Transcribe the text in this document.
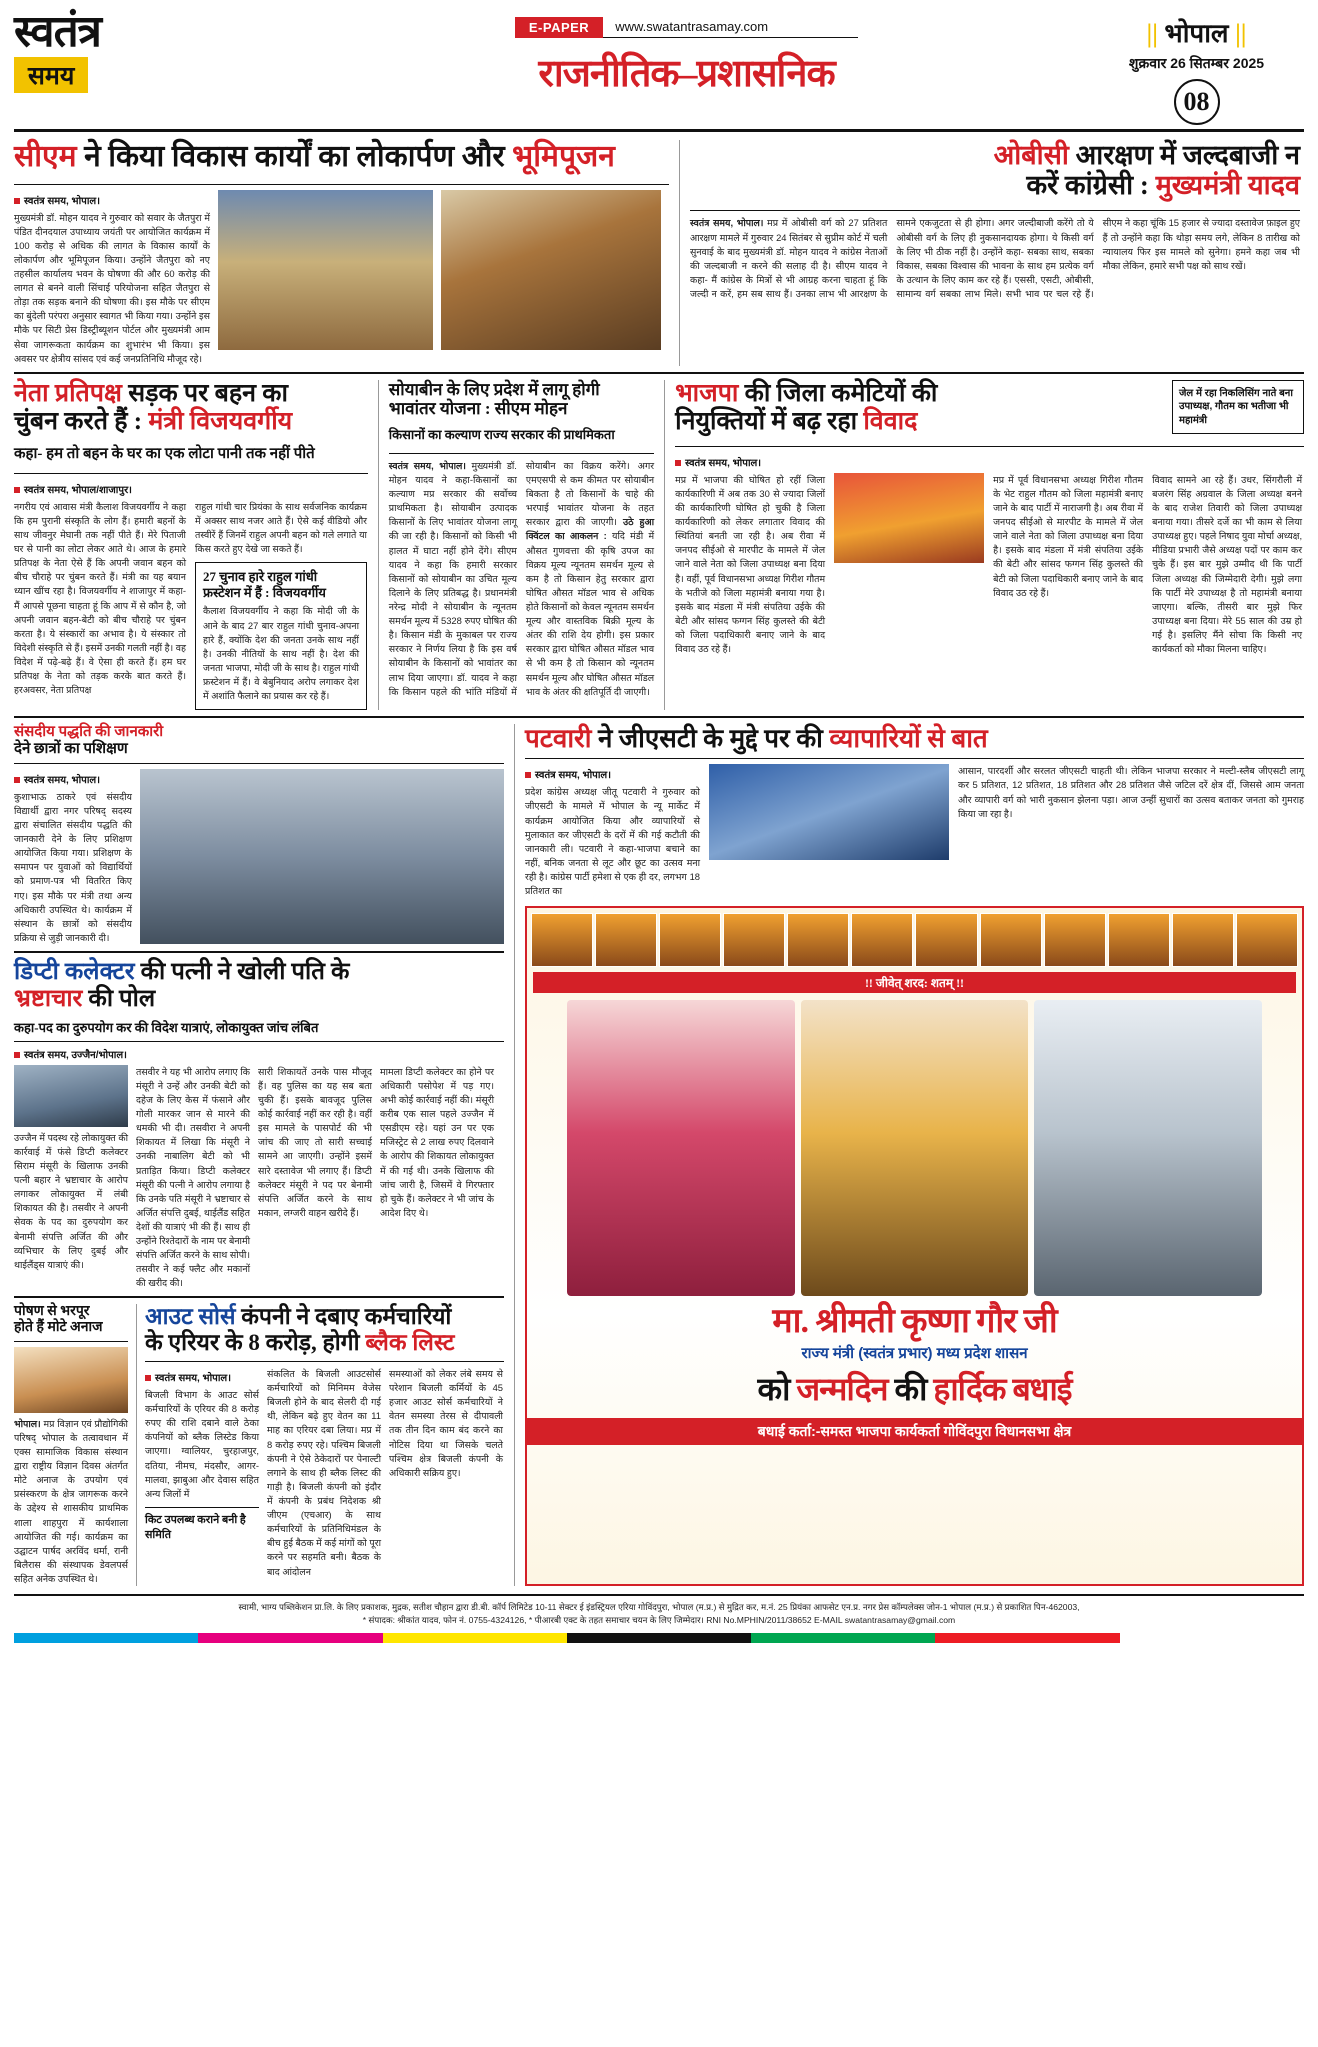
स्वतंत्र
समय
E-PAPER	www.swatantrasamay.com
राजनीतिक–प्रशासनिक
|| भोपाल ||
शुक्रवार 26 सितम्बर 2025
08
सीएम ने किया विकास कार्यों का लोकार्पण और भूमिपूजन
स्वतंत्र समय, भोपाल।
मुख्यमंत्री डॉ. मोहन यादव ने गुरुवार को सवार के जैतपुरा में पंडित दीनदयाल उपाध्याय जयंती पर आयोजित कार्यक्रम में 100 करोड़ से अधिक की लागत के विकास कार्यों के लोकार्पण और भूमिपूजन किया। उन्होंने जैतपुरा को नए तहसील कार्यालय भवन के घोषणा की और 60 करोड़ की लागत से बनने वाली सिंचाई परियोजना सहित जैतपुरा से तोड़ा तक सड़क बनाने की घोषणा की। इस मौके पर सीएम का बुंदेली परंपरा अनुसार स्वागत भी किया गया। उन्होंने इस मौके पर सिटी प्रेस डिस्ट्रीब्यूशन पोर्टल और मुख्यमंत्री आम सेवा जागरूकता कार्यक्रम का शुभारंभ भी किया। इस अवसर पर क्षेत्रीय सांसद एवं कई जनप्रतिनिधि मौजूद रहे।
ओबीसी आरक्षण में जल्दबाजी न
करें कांग्रेसी : मुख्यमंत्री यादव
स्वतंत्र समय, भोपाल। मप्र में ओबीसी वर्ग को 27 प्रतिशत आरक्षण मामले में गुरुवार 24 सितंबर से सुप्रीम कोर्ट में चली सुनवाई के बाद मुख्यमंत्री डॉ. मोहन यादव ने कांग्रेस नेताओं की जल्दबाजी न करने की सलाह दी है। सीएम यादव ने कहा- मैं कांग्रेस के मित्रों से भी आग्रह करना चाहता हूं कि जल्दी न करें, हम सब साथ हैं। उनका लाभ भी आरक्षण के सामने एकजुटता से ही होगा। अगर जल्दीबाजी करेंगे तो ये ओबीसी वर्ग के लिए ही नुकसानदायक होगा। ये किसी वर्ग के लिए भी ठीक नहीं है। उन्होंने कहा- सबका साथ, सबका विकास, सबका विश्वास की भावना के साथ हम प्रत्येक वर्ग के उत्थान के लिए काम कर रहे हैं। एससी, एसटी, ओबीसी, सामान्य वर्ग सबका लाभ मिले। सभी भाव पर चल रहे हैं। सीएम ने कहा चूंकि 15 हजार से ज्यादा दस्तावेज फ़ाइल हुए हैं तो उन्होंने कहा कि थोड़ा समय लगे, लेकिन 8 तारीख को न्यायालय फिर इस मामले को सुनेगा। हमने कहा जब भी मौका लेकिन, हमारे सभी पक्ष को साथ रखें।
नेता प्रतिपक्ष सड़क पर बहन का
चुंबन करते हैं : मंत्री विजयवर्गीय
कहा- हम तो बहन के घर का एक लोटा पानी तक नहीं पीते
स्वतंत्र समय, भोपाल/शाजापुर।
नगरीय एवं आवास मंत्री कैलाश विजयवर्गीय ने कहा कि हम पुरानी संस्कृति के लोग हैं। हमारी बहनों के साथ जीवनुर मेघानी तक नहीं पीते हैं। मेरे पिताजी घर से पानी का लोटा लेकर आते थे। आज के हमारे प्रतिपक्ष के नेता ऐसे हैं कि अपनी जवान बहन को बीच चौराहे पर चुंबन करते हैं। मंत्री का यह बयान ध्यान खींच रहा है। विजयवर्गीय ने शाजापुर में कहा-मैं आपसे पूछना चाहता हूं कि आप में से कौन है, जो अपनी जवान बहन-बेटी को बीच चौराहे पर चुंबन करता है। ये संस्कारों का अभाव है। ये संस्कार तो विदेशी संस्कृति से हैं। इसमें उनकी गलती नहीं है। वह विदेश में पढ़े-बढ़े हैं। वे ऐसा ही करते हैं। हम घर प्रतिपक्ष के नेता को तड़क करके बात करते हैं। हरअवसर, नेता प्रतिपक्ष
राहुल गांधी चार प्रियंका के साथ सर्वजनिक कार्यक्रम में अक्सर साथ नजर आते हैं। ऐसे कई वीडियो और तस्वीरें हैं जिनमें राहुल अपनी बहन को गले लगाते या किस करते हुए देखे जा सकते हैं।
27 चुनाव हारे राहुल गांधी
फ्रस्टेशन में हैं : विजयवर्गीय
कैलाश विजयवर्गीय ने कहा कि मोदी जी के आने के बाद 27 बार राहुल गांधी चुनाव-अपना हारे हैं, क्योंकि देश की जनता उनके साथ नहीं है। उनकी नीतियों के साथ नहीं है। देश की जनता भाजपा, मोदी जी के साथ है। राहुल गांधी फ्रस्टेशन में हैं। वे बेबुनियाद अरोप लगाकर देश में अशांति फैलाने का प्रयास कर रहे हैं।
सोयाबीन के लिए प्रदेश में लागू होगी
भावांतर योजना : सीएम मोहन
किसानों का कल्याण राज्य सरकार की प्राथमिकता
स्वतंत्र समय, भोपाल। मुख्यमंत्री डॉ. मोहन यादव ने कहा-किसानों का कल्याण मप्र सरकार की सर्वोच्च प्राथमिकता है। सोयाबीन उत्पादक किसानों के लिए भावांतर योजना लागू की जा रही है। किसानों को किसी भी हालत में घाटा नहीं होने देंगे। सीएम यादव ने कहा कि हमारी सरकार किसानों को सोयाबीन का उचित मूल्य दिलाने के लिए प्रतिबद्ध है। प्रधानमंत्री नरेन्द्र मोदी ने सोयाबीन के न्यूनतम समर्थन मूल्य में 5328 रुपए घोषित की है। किसान मंडी के मुकाबल पर राज्य सरकार ने निर्णय लिया है कि इस वर्ष सोयाबीन के किसानों को भावांतर का लाभ दिया जाएगा। डॉ. यादव ने कहा कि किसान पहले की भांति मंडियों में सोयाबीन का विक्रय करेंगे। अगर एमएसपी से कम कीमत पर सोयाबीन बिकता है तो किसानों के चाहे की भरपाई भावांतर योजना के तहत सरकार द्वारा की जाएगी। उठे हुआ क्विंटल का आकलन : यदि मंडी में औसत गुणवत्ता की कृषि उपज का विक्रय मूल्य न्यूनतम समर्थन मूल्य से कम है तो किसान हेतु सरकार द्वारा घोषित औसत मॉडल भाव से अधिक होते किसानों को केवल न्यूनतम समर्थन मूल्य और वास्तविक बिक्री मूल्य के अंतर की राशि देय होगी। इस प्रकार सरकार द्वारा घोषित औसत मॉडल भाव से भी कम है तो किसान को न्यूनतम समर्थन मूल्य और घोषित औसत मॉडल भाव के अंतर की क्षतिपूर्ति दी जाएगी।
भाजपा की जिला कमेटियों की
नियुक्तियों में बढ़ रहा विवाद
जेल में रहा निकलिसिंग नाते बना उपाध्यक्ष, गौतम का भतीजा भी महामंत्री
स्वतंत्र समय, भोपाल।
मप्र में भाजपा की घोषित हो रहीं जिला कार्यकारिणी में अब तक 30 से ज्यादा जिलों की कार्यकारिणी घोषित हो चुकी है जिला कार्यकारिणी को लेकर लगातार विवाद की स्थितियां बनती जा रही है। अब रीवा में जनपद सीईओ से मारपीट के मामले में जेल जाने वाले नेता को जिला उपाध्यक्ष बना दिया है। वहीं, पूर्व विधानसभा अध्यक्ष गिरीश गौतम के भतीजे को जिला महामंत्री बनाया गया है। इसके बाद मंडला में मंत्री संपतिया उईके की बेटी और सांसद फग्गन सिंह कुलस्ते की बेटी को जिला पदाधिकारी बनाए जाने के बाद विवाद उठ रहे हैं।
मप्र में पूर्व विधानसभा अध्यक्ष गिरीश गौतम के भेट राहुल गौतम को जिला महामंत्री बनाए जाने के बाद पार्टी में नाराजगी है। अब रीवा में जनपद सीईओ से मारपीट के मामले में जेल जाने वाले नेता को जिला उपाध्यक्ष बना दिया है। इसके बाद मंडला में मंत्री संपतिया उईके की बेटी और सांसद फग्गन सिंह कुलस्ते की बेटी को जिला पदाधिकारी बनाए जाने के बाद विवाद उठ रहे हैं।
विवाद सामने आ रहे हैं। उधर, सिंगरौली में बजरंग सिंह अग्रवाल के जिला अध्यक्ष बनने के बाद राजेश तिवारी को जिला उपाध्यक्ष बनाया गया। तीसरे दर्जे का भी काम से लिया उपाध्यक्ष हुए। पहले निषाद युवा मोर्चा अध्यक्ष, मीडिया प्रभारी जैसे अध्यक्ष पदों पर काम कर चुके हैं। इस बार मुझे उम्मीद थी कि पार्टी जिला अध्यक्ष की जिम्मेदारी देगी। मुझे लगा कि पार्टी मेरे उपाध्यक्ष है तो महामंत्री बनाया जाएगा। बल्कि, तीसरी बार मुझे फिर उपाध्यक्ष बना दिया। मेरे 55 साल की उम्र हो गई है। इसलिए मैंने सोचा कि किसी नए कार्यकर्ता को मौका मिलना चाहिए।
संसदीय पद्धति की जानकारी
देने छात्रों का पशिक्षण
स्वतंत्र समय, भोपाल।
कुशाभाऊ ठाकरे एवं संसदीय विद्यार्थी द्वारा नगर परिषद् सदस्य द्वारा संचालित संसदीय पद्धति की जानकारी देने के लिए प्रशिक्षण आयोजित किया गया। प्रशिक्षण के समापन पर युवाओं को विद्यार्थियों को प्रमाण-पत्र भी वितरित किए गए। इस मौके पर मंत्री तथा अन्य अधिकारी उपस्थित थे। कार्यक्रम में संस्थान के छात्रों को संसदीय प्रक्रिया से जुड़ी जानकारी दी।
डिप्टी कलेक्टर की पत्नी ने खोली पति के
भ्रष्टाचार की पोल
कहा-पद का दुरुपयोग कर की विदेश यात्राएं, लोकायुक्त जांच लंबित
स्वतंत्र समय, उज्जैन/भोपाल।
उज्जैन में पदस्थ रहे लोकायुक्त की कार्रवाई में फंसे डिप्टी कलेक्टर सिराम मंसूरी के खिलाफ उनकी पत्नी बहार ने भ्रष्टाचार के आरोप लगाकर लोकायुक्त में लंबी शिकायत की है। तसवीर ने अपनी सेवक के पद का दुरुपयोग कर बेनामी संपत्ति अर्जित की और व्यभिचार के लिए दुबई और थाईलैंड्स यात्राएं की।
तसवीर ने यह भी आरोप लगाए कि मंसूरी ने उन्हें और उनकी बेटी को दहेज के लिए केस में फंसाने और गोली मारकर जान से मारने की धमकी भी दी। तसवीरा ने अपनी शिकायत में लिखा कि मंसूरी ने उनकी नाबालिग बेटी को भी प्रताड़ित किया। डिप्टी कलेक्टर मंसूरी की पत्नी ने आरोप लगाया है कि उनके पति मंसूरी ने भ्रष्टाचार से अर्जित संपत्ति दुबई, थाईलैंड सहित देशों की यात्राएं भी की हैं। साथ ही उन्होंने रिश्तेदारों के नाम पर बेनामी संपत्ति अर्जित करने के साथ सोपी। तसवीर ने कई फ्लैट और मकानों की खरीद की।
सारी शिकायतें उनके पास मौजूद हैं। वह पुलिस का यह सब बता चुकी हैं। इसके बावजूद पुलिस कोई कार्रवाई नहीं कर रही है। वहीं इस मामले के पासपोर्ट की भी जांच की जाए तो सारी सच्चाई सामने आ जाएगी। उन्होंने इसमें सारे दस्तावेज भी लगाए हैं। डिप्टी कलेक्टर मंसूरी ने पद पर बेनामी संपत्ति अर्जित करने के साथ मकान, लग्जरी वाहन खरीदे हैं।
मामला डिप्टी कलेक्टर का होने पर अधिकारी पसोपेश में पड़ गए। अभी कोई कार्रवाई नहीं की। मंसूरी करीब एक साल पहले उज्जैन में एसडीएम रहे। यहां उन पर एक मजिस्ट्रेट से 2 लाख रुपए दिलवाने के आरोप की शिकायत लोकायुक्त में की गई थी। उनके खिलाफ की जांच जारी है, जिसमें वे गिरफ्तार हो चुके हैं। कलेक्टर ने भी जांच के आदेश दिए थे।
पोषण से भरपूर
होते हैं मोटे अनाज
भोपाल। मप्र विज्ञान एवं प्रौद्योगिकी परिषद् भोपाल के तत्वावधान में एक्स सामाजिक विकास संस्थान द्वारा राष्ट्रीय विज्ञान दिवस अंतर्गत मोटे अनाज के उपयोग एवं प्रसंस्करण के क्षेत्र जागरूक करने के उद्देश्य से शासकीय प्राथमिक शाला शाहपुरा में कार्यशाला आयोजित की गई। कार्यक्रम का उद्घाटन पार्षद अरविंद धर्मा, रानी बिलैरास की संस्थापक डेवलपर्स सहित अनेक उपस्थित थे।
आउट सोर्स कंपनी ने दबाए कर्मचारियों
के एरियर के 8 करोड़, होगी ब्लैक लिस्ट
स्वतंत्र समय, भोपाल।
बिजली विभाग के आउट सोर्स कर्मचारियों के एरियर की 8 करोड़ रुपए की राशि दबाने वाले ठेका कंपनियों को ब्लैक लिस्टेड किया जाएगा। ग्वालियर, चुरहाजपुर, दतिया, नीमच, मंदसौर, आगर- मालवा, झाबुआ और देवास सहित अन्य जिलों में
किट उपलब्ध कराने बनी है समिति
संकलित के बिजली आउटसोर्स कर्मचारियों को मिनिमम वेजेस बिजली होने के बाद सेलरी दी गई थी, लेकिन बढ़े हुए वेतन का 11 माह का एरियर दबा लिया। मप्र में 8 करोड़ रुपए रहे। पश्चिम बिजली कंपनी ने ऐसे ठेकेदारों पर पेनाल्टी लगाने के साथ ही ब्लैक लिस्ट की गाड़ी है। बिजली कंपनी को इंदौर में कंपनी के प्रबंध निदेशक श्री जीएम (एचआर) के साथ कर्मचारियों के प्रतिनिधिमंडल के बीच हुई बैठक में कई मांगों को पूरा करने पर सहमति बनी। बैठक के बाद आंदोलन
समस्याओं को लेकर लंबे समय से परेशान बिजली कर्मियों के 45 हजार आउट सोर्स कर्मचारियों ने वेतन समस्या तेरस से दीपावली तक तीन दिन काम बंद करने का नोटिस दिया था जिसके चलते पश्चिम क्षेत्र बिजली कंपनी के अधिकारी सक्रिय हुए।
पटवारी ने जीएसटी के मुद्दे पर की व्यापारियों से बात
स्वतंत्र समय, भोपाल।
प्रदेश कांग्रेस अध्यक्ष जीतू पटवारी ने गुरुवार को जीएसटी के मामले में भोपाल के न्यू मार्केट में कार्यक्रम आयोजित किया और व्यापारियों से मुलाकात कर जीएसटी के दरों में की गई कटौती की जानकारी ली। पटवारी ने कहा-भाजपा बचाने का नहीं, बनिक जनता से लूट और छूट का उत्सव मना रही है। कांग्रेस पार्टी हमेशा से एक ही दर, लगभग 18 प्रतिशत का
आसान, पारदर्शी और सरलत जीएसटी चाहती थी। लेकिन भाजपा सरकार ने मल्टी-स्लैब जीएसटी लागू कर 5 प्रतिशत, 12 प्रतिशत, 18 प्रतिशत और 28 प्रतिशत जैसे जटिल दरें क्षेत्र दीं, जिससे आम जनता और व्यापारी वर्ग को भारी नुकसान झेलना पड़ा। आज उन्हीं सुधारों का उत्सव बताकर जनता को गुमराह किया जा रहा है।
!! जीवेत् शरद: शतम् !!
मा. श्रीमती कृष्णा गौर जी
राज्य मंत्री (स्वतंत्र प्रभार) मध्य प्रदेश शासन
को जन्मदिन की हार्दिक बधाई
बधाई कर्ता:-समस्त भाजपा कार्यकर्ता गोविंदपुरा विधानसभा क्षेत्र
स्वामी, भाग्य पब्लिकेशन प्रा.लि. के लिए प्रकाशक, मुद्रक, सतीश चौहान द्वारा डी.बी. कॉर्प लिमिटेड 10-11 सेक्टर ई इंडस्ट्रियल एरिया गोविंदपुरा, भोपाल (म.प्र.) से मुद्रित कर, म.नं. 25 प्रियंका आफसेट एन.प्र. नगर प्रेस कॉम्पलेक्स जोन-1 भोपाल (म.प्र.) से प्रकाशित पिन-462003,
* संपादक: श्रीकांत यादव, फोन नं. 0755-4324126, * पीआरबी एक्ट के तहत समाचार चयन के लिए जिम्मेदार। RNI No.MPHIN/2011/38652 E-MAIL swatantrasamay@gmail.com
